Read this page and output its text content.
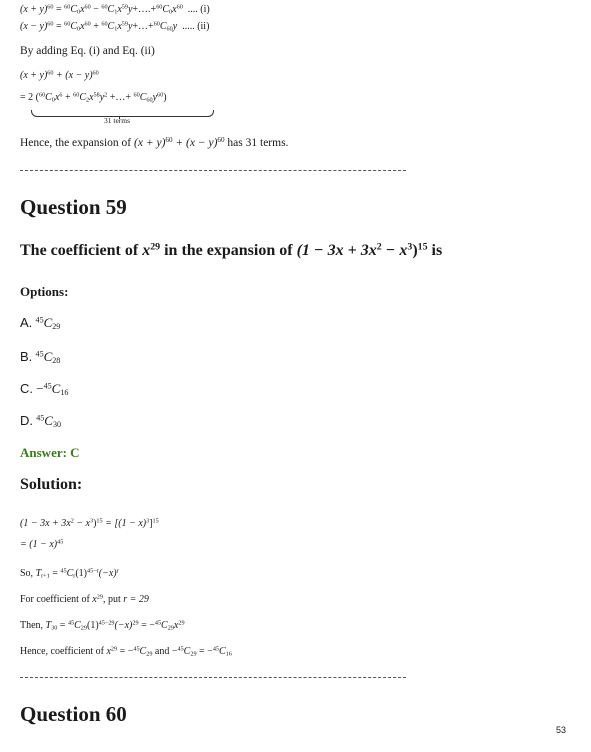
$(x + y)^{60} = ^{60}C_0x^{60}$ − $^{60}C_1x^{59}y+\dots.+^{60}C_0x^{60}$ .... (i)
$(x - y)^{60} = ^{60}C_0x^{60}$ + $^{60}C_1x^{59}y+\dots+^{60}C_{60}y$ ..... (ii)
By adding Eq. (i) and Eq. (ii)
$(x + y)^{60} + (x - y)^{60}$
= 2 ($^{60}C_0x^6 + ^{60}C_2x^{58}y^2$ +…+ $^{60}C_{60}y^{60}$)
31 terms
Hence, the expansion of $(x + y)^{60} + (x - y)^{60}$ has 31 terms.
Question 59
The coefficient of $x^{29}$ in the expansion of $(1 - 3x + 3x^2 - x^3)^{15}$ is
Options:
A. $^{45}C_{29}$
B. $^{45}C_{28}$
C. $-^{45}C_{16}$
D. $^{45}C_{30}$
Answer: C
Solution:
$(1 - 3x + 3x^2 - x^3)^{15} = [(1 - x)^3]^{15}$
= $(1 - x)^{45}$
So, $T_{r+1} = ^{45}C_r(1)^{45-r}(-x)^r$
For coefficient of $x^{29}$, put r = 29
Then, $T_{30} = ^{45}C_{29}(1)^{45-29}(-x)^{29} = -^{45}C_{29}x^{29}$
Hence, coefficient of $x^{29} = -^{45}C_{29}$ and $-^{45}C_{29} = -^{45}C_{16}$
Question 60
53
